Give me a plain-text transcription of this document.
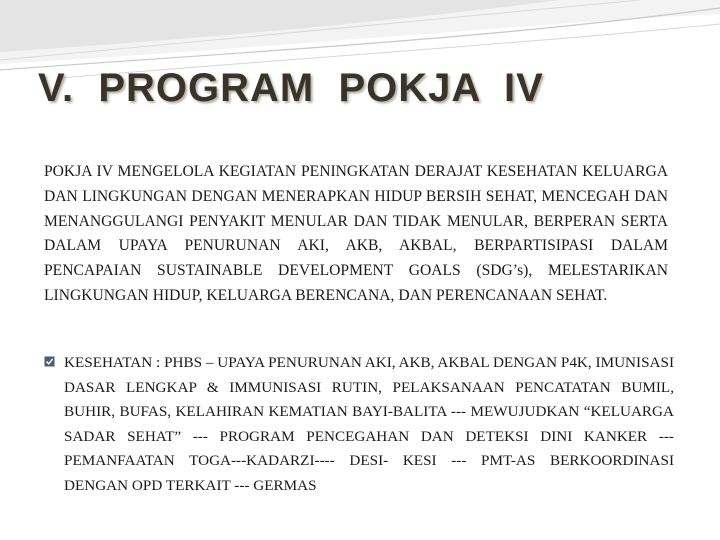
V.  PROGRAM  POKJA  IV
POKJA IV MENGELOLA KEGIATAN PENINGKATAN DERAJAT KESEHATAN KELUARGA DAN LINGKUNGAN DENGAN MENERAPKAN HIDUP BERSIH SEHAT, MENCEGAH DAN MENANGGULANGI PENYAKIT MENULAR DAN TIDAK MENULAR, BERPERAN SERTA DALAM UPAYA PENURUNAN AKI, AKB, AKBAL, BERPARTISIPASI DALAM PENCAPAIAN SUSTAINABLE DEVELOPMENT GOALS (SDG’s), MELESTARIKAN LINGKUNGAN HIDUP, KELUARGA BERENCANA, DAN PERENCANAAN SEHAT.
KESEHATAN : PHBS – UPAYA PENURUNAN AKI, AKB, AKBAL DENGAN P4K, IMUNISASI DASAR LENGKAP & IMMUNISASI RUTIN, PELAKSANAAN PENCATATAN BUMIL, BUHIR, BUFAS, KELAHIRAN KEMATIAN BAYI-BALITA --- MEWUJUDKAN “KELUARGA SADAR SEHAT” --- PROGRAM PENCEGAHAN DAN DETEKSI DINI KANKER --- PEMANFAATAN TOGA---KADARZI---- DESI- KESI --- PMT-AS BERKOORDINASI DENGAN OPD TERKAIT --- GERMAS
